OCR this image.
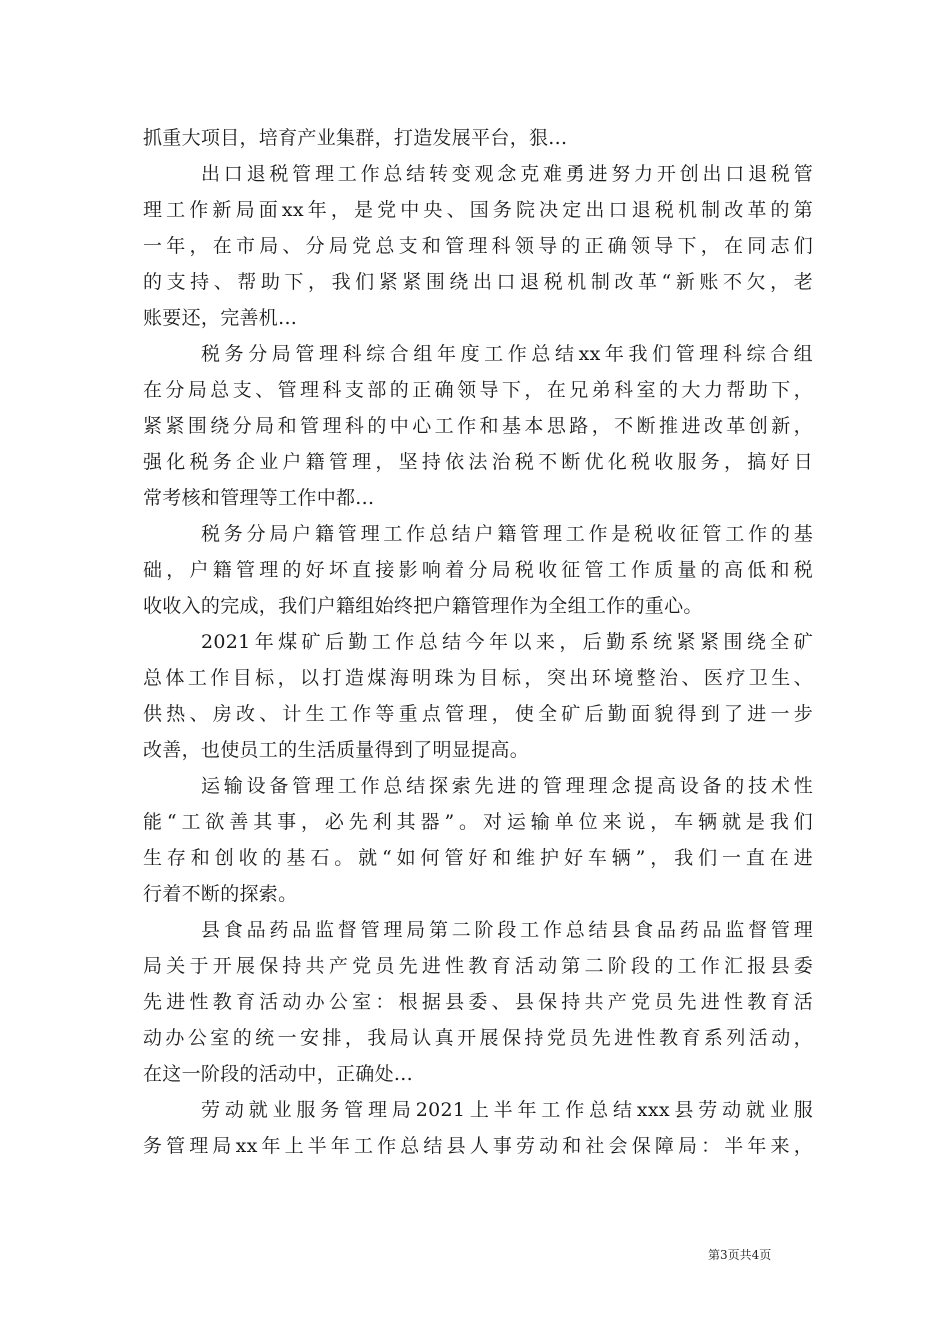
抓重大项目，培育产业集群，打造发展平台，狠...
出口退税管理工作总结转变观念克难勇进努力开创出口退税管
理工作新局面xx年，是党中央、国务院决定出口退税机制改革的第
一年，在市局、分局党总支和管理科领导的正确领导下，在同志们
的支持、帮助下，我们紧紧围绕出口退税机制改革“新账不欠，老
账要还，完善机...
税务分局管理科综合组年度工作总结xx年我们管理科综合组
在分局总支、管理科支部的正确领导下，在兄弟科室的大力帮助下，
紧紧围绕分局和管理科的中心工作和基本思路，不断推进改革创新，
强化税务企业户籍管理，坚持依法治税不断优化税收服务，搞好日
常考核和管理等工作中都...
税务分局户籍管理工作总结户籍管理工作是税收征管工作的基
础，户籍管理的好坏直接影响着分局税收征管工作质量的高低和税
收收入的完成，我们户籍组始终把户籍管理作为全组工作的重心。
2021年煤矿后勤工作总结今年以来，后勤系统紧紧围绕全矿
总体工作目标，以打造煤海明珠为目标，突出环境整治、医疗卫生、
供热、房改、计生工作等重点管理，使全矿后勤面貌得到了进一步
改善，也使员工的生活质量得到了明显提高。
运输设备管理工作总结探索先进的管理理念提高设备的技术性
能“工欲善其事，必先利其器”。对运输单位来说，车辆就是我们
生存和创收的基石。就“如何管好和维护好车辆”，我们一直在进
行着不断的探索。
县食品药品监督管理局第二阶段工作总结县食品药品监督管理
局关于开展保持共产党员先进性教育活动第二阶段的工作汇报县委
先进性教育活动办公室：根据县委、县保持共产党员先进性教育活
动办公室的统一安排，我局认真开展保持党员先进性教育系列活动，
在这一阶段的活动中，正确处...
劳动就业服务管理局2021上半年工作总结xxx县劳动就业服
务管理局xx年上半年工作总结县人事劳动和社会保障局：半年来，
第3页共4页
